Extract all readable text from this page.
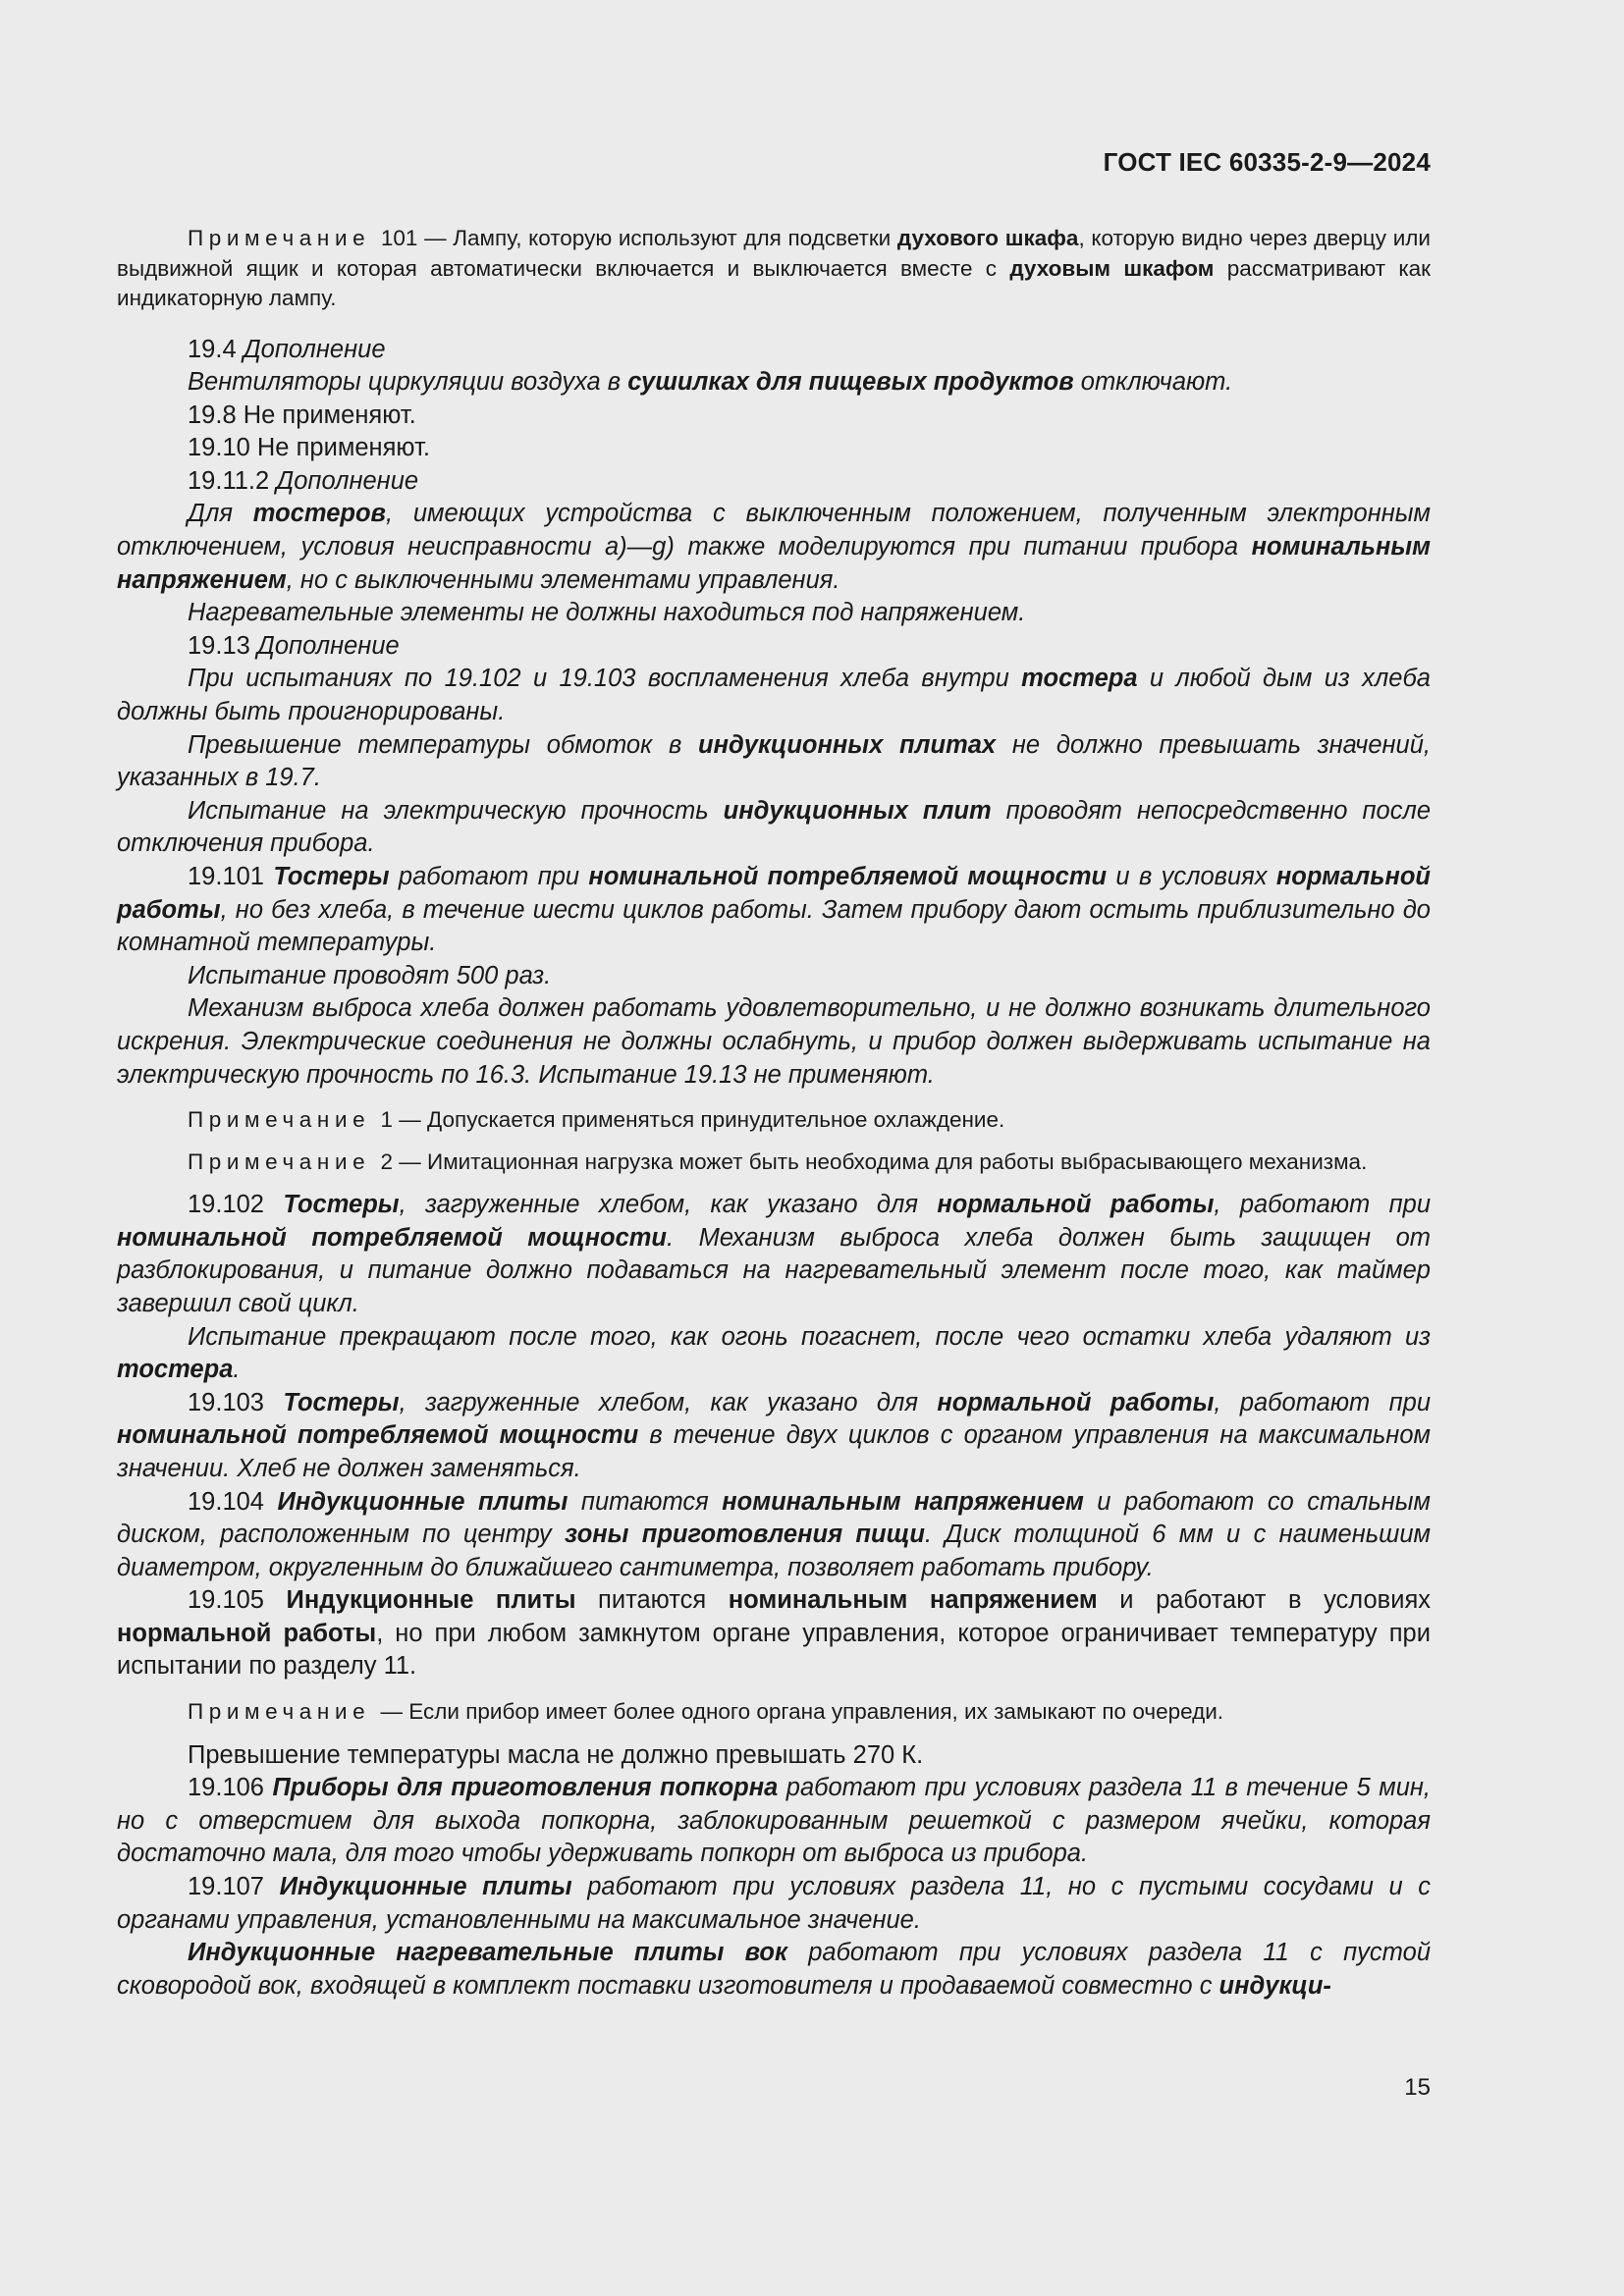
ГОСТ IEC 60335-2-9—2024

Примечание 101 — Лампу, которую используют для подсветки духового шкафа, которую видно через дверцу или выдвижной ящик и которая автоматически включается и выключается вместе с духовым шкафом рассматривают как индикаторную лампу.

19.4 Дополнение

Вентиляторы циркуляции воздуха в сушилках для пищевых продуктов отключают.

19.8 Не применяют.

19.10 Не применяют.

19.11.2 Дополнение

Для тостеров, имеющих устройства с выключенным положением, полученным электронным отключением, условия неисправности a)—g) также моделируются при питании прибора номинальным напряжением, но с выключенными элементами управления.

Нагревательные элементы не должны находиться под напряжением.

19.13 Дополнение

При испытаниях по 19.102 и 19.103 воспламенения хлеба внутри тостера и любой дым из хлеба должны быть проигнорированы.

Превышение температуры обмоток в индукционных плитах не должно превышать значений, указанных в 19.7.

Испытание на электрическую прочность индукционных плит проводят непосредственно после отключения прибора.

19.101 Тостеры работают при номинальной потребляемой мощности и в условиях нормальной работы, но без хлеба, в течение шести циклов работы. Затем прибору дают остыть приблизительно до комнатной температуры.

Испытание проводят 500 раз.

Механизм выброса хлеба должен работать удовлетворительно, и не должно возникать длительного искрения. Электрические соединения не должны ослабнуть, и прибор должен выдерживать испытание на электрическую прочность по 16.3. Испытание 19.13 не применяют.

Примечание 1 — Допускается применяться принудительное охлаждение.

Примечание 2 — Имитационная нагрузка может быть необходима для работы выбрасывающего механизма.

19.102 Тостеры, загруженные хлебом, как указано для нормальной работы, работают при номинальной потребляемой мощности. Механизм выброса хлеба должен быть защищен от разблокирования, и питание должно подаваться на нагревательный элемент после того, как таймер завершил свой цикл.

Испытание прекращают после того, как огонь погаснет, после чего остатки хлеба удаляют из тостера.

19.103 Тостеры, загруженные хлебом, как указано для нормальной работы, работают при номинальной потребляемой мощности в течение двух циклов с органом управления на максимальном значении. Хлеб не должен заменяться.

19.104 Индукционные плиты питаются номинальным напряжением и работают со стальным диском, расположенным по центру зоны приготовления пищи. Диск толщиной 6 мм и с наименьшим диаметром, округленным до ближайшего сантиметра, позволяет работать прибору.

19.105 Индукционные плиты питаются номинальным напряжением и работают в условиях нормальной работы, но при любом замкнутом органе управления, которое ограничивает температуру при испытании по разделу 11.

Примечание — Если прибор имеет более одного органа управления, их замыкают по очереди.

Превышение температуры масла не должно превышать 270 К.

19.106 Приборы для приготовления попкорна работают при условиях раздела 11 в течение 5 мин, но с отверстием для выхода попкорна, заблокированным решеткой с размером ячейки, которая достаточно мала, для того чтобы удерживать попкорн от выброса из прибора.

19.107 Индукционные плиты работают при условиях раздела 11, но с пустыми сосудами и с органами управления, установленными на максимальное значение.

Индукционные нагревательные плиты вок работают при условиях раздела 11 с пустой сковородой вок, входящей в комплект поставки изготовителя и продаваемой совместно с индукци-

15
